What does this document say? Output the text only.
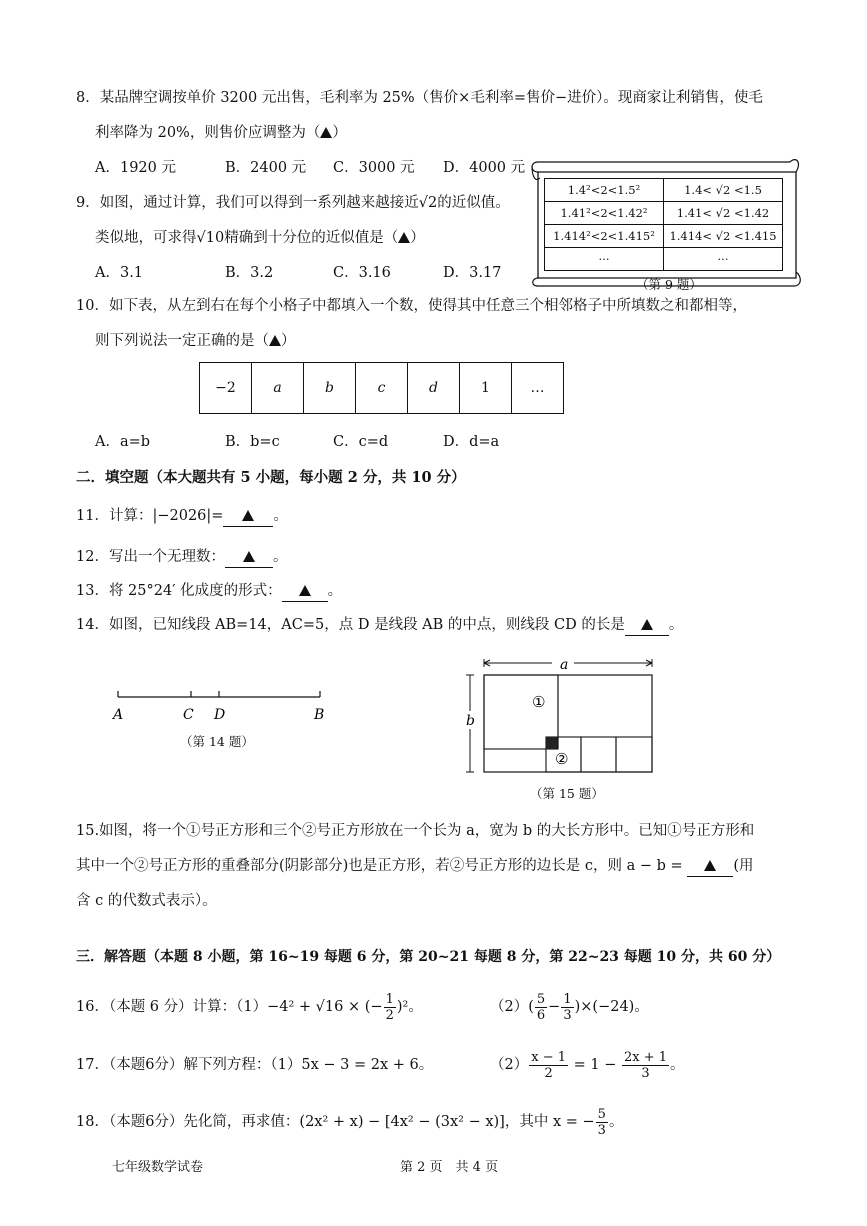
8．某品牌空调按单价 3200 元出售，毛利率为 25%（售价×毛利率=售价−进价）。现商家让利销售，使毛
利率降为 20%，则售价应调整为（ ）
A．1920 元	B．2400 元 C．3000 元 D．4000 元
1.4²<2<1.5²	1.4< √2 <1.5
1.41²<2<1.42²	1.41< √2 <1.42
1.414²<2<1.415²	1.414< √2 <1.415
···	···
（第 9 题）
9．如图，通过计算，我们可以得到一系列越来越接近√2的近似值。
类似地，可求得√10精确到十分位的近似值是（ ）
A．3.1	B．3.2	C．3.16	D．3.17
10．如下表，从左到右在每个小格子中都填入一个数，使得其中任意三个相邻格子中所填数之和都相等，
则下列说法一定正确的是（ ）
−2	a	b	c	d	1	…
A．a=b	B．b=c	C．c=d	D．d=a
二．填空题（本大题共有 5 小题，每小题 2 分，共 10 分）
11．计算：|−2026|=	。
12．写出一个无理数：	。
13．将 25°24′ 化成度的形式：	。
14．如图，已知线段 AB=14，AC=5，点 D 是线段 AB 的中点，则线段 CD 的长是	。
A	C D	B
（第 14 题）
a
b
①
②
（第 15 题）
15.如图，将一个①号正方形和三个②号正方形放在一个长为 a，宽为 b 的大长方形中。已知①号正方形和
其中一个②号正方形的重叠部分(阴影部分)也是正方形，若②号正方形的边长是 c，则 a − b =	(用
含 c 的代数式表示）。
三．解答题（本题 8 小题，第 16~19 每题 6 分，第 20~21 每题 8 分，第 22~23 每题 10 分，共 60 分）
16．（本题 6 分）计算：（1）−4² + √16 × (− $\frac{1}{2} )^2$。	$(2)( \frac{5}{6} - \frac{1}{3} )\times(-24)$。
17．（本题6分）解下列方程：（1）5x − 3 = 2x + 6。	$(2) \frac{x - 1}{2} = 1 - \frac{2x + 1}{3}$ 。
18．（本题6分）先化简，再求值：(2x² + x) − [4x² − (3x² − x)]，其中 x = − $\frac{5}{3}$ 。
七年级数学试卷	第 2 页　共 4 页
